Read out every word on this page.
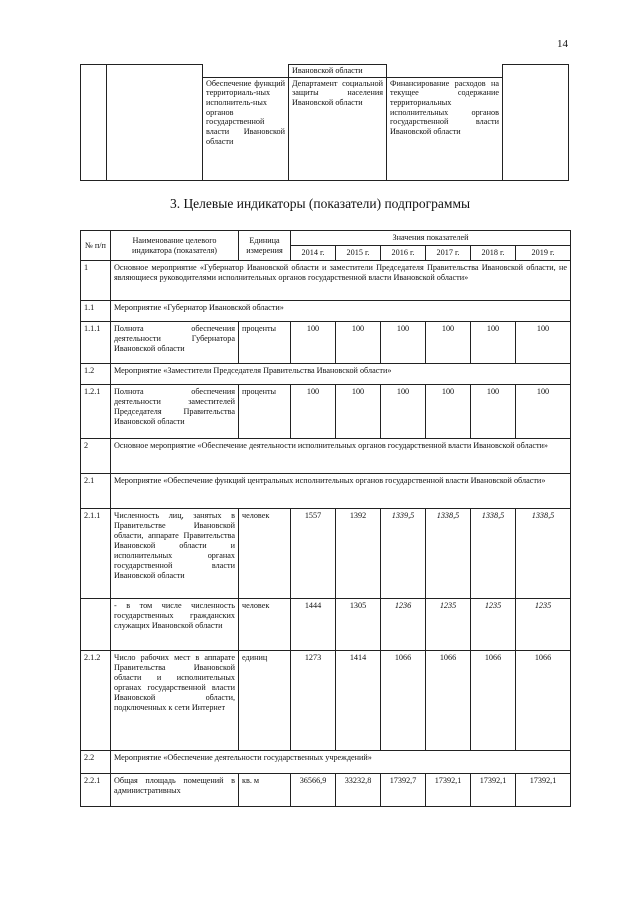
14
			Ивановской области		
		Обеспечение функций территориаль-ных исполнитель-ных органов государственной власти Ивановской области	Департамент социальной защиты населения Ивановской области	Финансирование расходов на текущее содержание территориальных исполнительных органов государственной власти Ивановской области	
3. Целевые индикаторы (показатели) подпрограммы
№ п/п	Наименование целевого индикатора (показателя)	Единица измерения	Значения показателей					
			2014 г.	2015 г.	2016 г.	2017 г.	2018 г.	2019 г.
1	Основное мероприятие «Губернатор Ивановской области и заместители Председателя Правительства Ивановской области, не являющиеся руководителями исполнительных органов государственной власти Ивановской области»							
1.1	Мероприятие «Губернатор Ивановской области»							
1.1.1	Полнота обеспечения деятельности Губернатора Ивановской области	проценты	100	100	100	100	100	100
1.2	Мероприятие «Заместители Председателя Правительства Ивановской области»							
1.2.1	Полнота обеспечения деятельности заместителей Председателя Правительства Ивановской области	проценты	100	100	100	100	100	100
2	Основное мероприятие «Обеспечение деятельности исполнительных органов государственной власти Ивановской области»							
2.1	Мероприятие «Обеспечение функций центральных исполнительных органов государственной власти Ивановской области»							
2.1.1	Численность лиц, занятых в Правительстве Ивановской области, аппарате Правительства Ивановской области и исполнительных органах государственной власти Ивановской области	человек	1557	1392	1339,5	1338,5	1338,5	1338,5
	- в том числе численность государственных гражданских служащих Ивановской области	человек	1444	1305	1236	1235	1235	1235
2.1.2	Число рабочих мест в аппарате Правительства Ивановской области и исполнительных органах государственной власти Ивановской области, подключенных к сети Интернет	единиц	1273	1414	1066	1066	1066	1066
2.2	Мероприятие «Обеспечение деятельности государственных учреждений»							
2.2.1	Общая площадь помещений в административных	кв. м	36566,9	33232,8	17392,7	17392,1	17392,1	17392,1
